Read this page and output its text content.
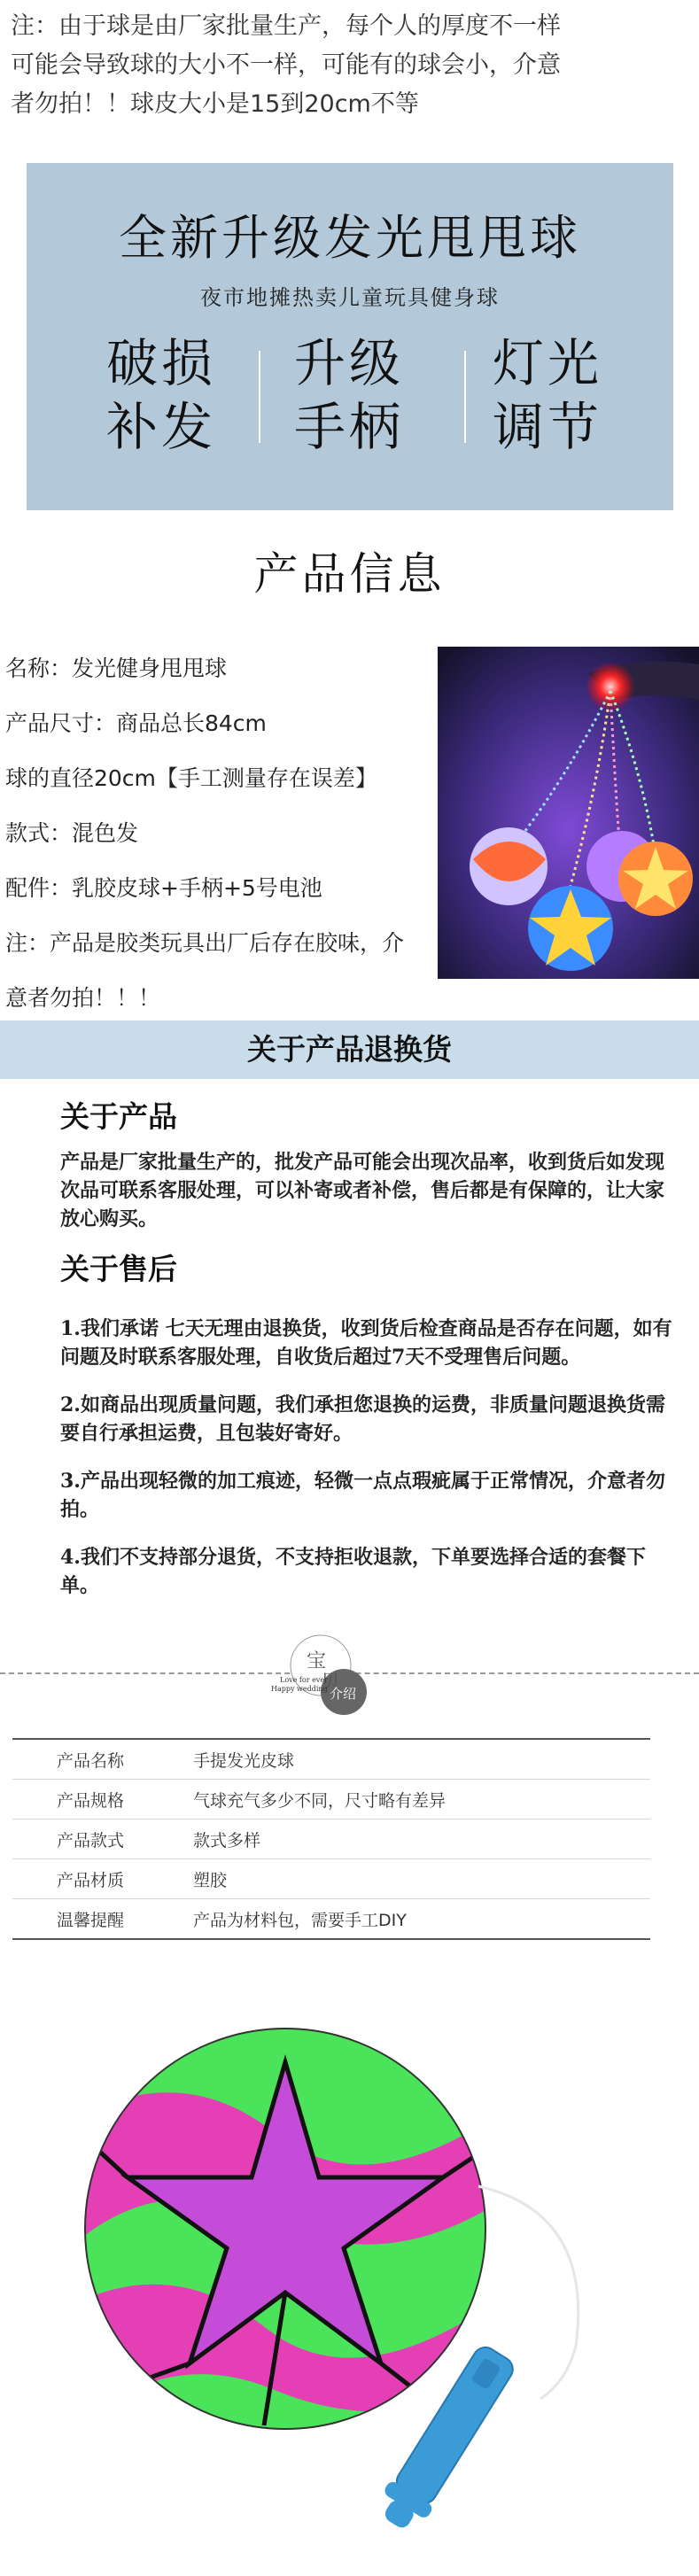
注：由于球是由厂家批量生产，每个人的厚度不一样
可能会导致球的大小不一样，可能有的球会小，介意
者勿拍！！球皮大小是15到20cm不等
全新升级发光甩甩球
夜市地摊热卖儿童玩具健身球
破损
补发
升级
手柄
灯光
调节
产品信息
名称：发光健身甩甩球
产品尺寸：商品总长84cm
球的直径20cm【手工测量存在误差】
款式：混色发
配件：乳胶皮球+手柄+5号电池
注：产品是胶类玩具出厂后存在胶味，介
意者勿拍！！！
关于产品退换货
关于产品

产品是厂家批量生产的，批发产品可能会出现次品率，收到货后如发现次品可联系客服处理，可以补寄或者补偿，售后都是有保障的，让大家放心购买。

关于售后

1.我们承诺 七天无理由退换货，收到货后检查商品是否存在问题，如有问题及时联系客服处理，自收货后超过7天不受理售后问题。

2.如商品出现质量问题，我们承担您退换的运费，非质量问题退换货需要自行承担运费，且包装好寄好。

3.产品出现轻微的加工痕迹，轻微一点点瑕疵属于正常情况，介意者勿拍。

4.我们不支持部分退货，不支持拒收退款，下单要选择合适的套餐下单。

宝
贝
介绍
Love for ever
Happy wedding
产品名称	手提发光皮球
产品规格	气球充气多少不同，尺寸略有差异
产品款式	款式多样
产品材质	塑胶
温馨提醒	产品为材料包，需要手工DIY
